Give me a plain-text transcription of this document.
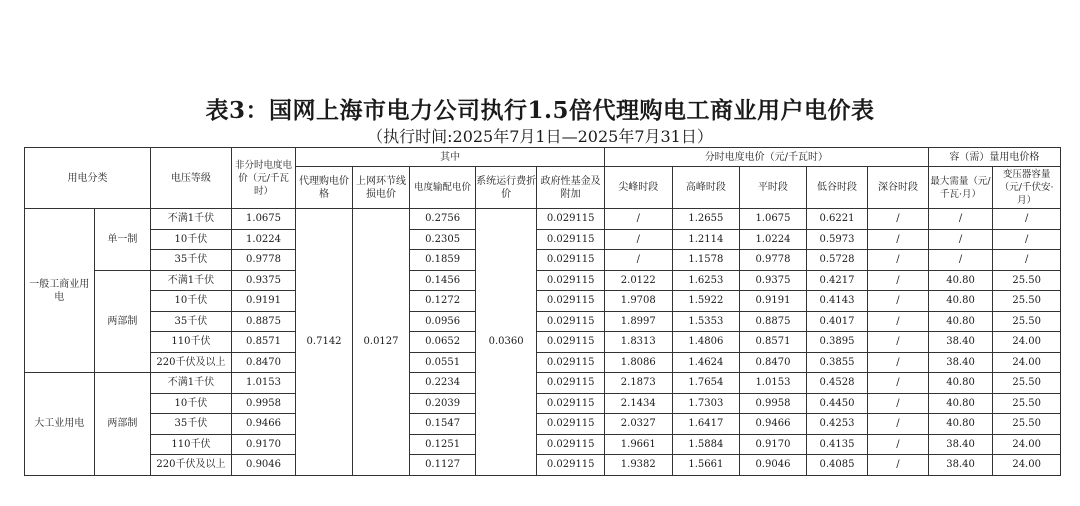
表3：国网上海市电力公司执行1.5倍代理购电工商业用户电价表
（执行时间:2025年7月1日—2025年7月31日）
用电分类		电压等级	非分时电度电价（元/千瓦时）	其中					分时电度电价（元/千瓦时）					容（需）量用电价格	
				代理购电价格	上网环节线损电价	电度输配电价	系统运行费折价	政府性基金及附加	尖峰时段	高峰时段	平时段	低谷时段	深谷时段	最大需量（元/千瓦·月）	变压器容量（元/千伏安·月）
一般工商业用电	单一制	不满1千伏	1.0675	0.7142	0.0127	0.2756	0.0360	0.029115	/	1.2655	1.0675	0.6221	/	/	/
		10千伏	1.0224			0.2305		0.029115	/	1.2114	1.0224	0.5973	/	/	/
		35千伏	0.9778			0.1859		0.029115	/	1.1578	0.9778	0.5728	/	/	/
	两部制	不满1千伏	0.9375			0.1456		0.029115	2.0122	1.6253	0.9375	0.4217	/	40.80	25.50
		10千伏	0.9191			0.1272		0.029115	1.9708	1.5922	0.9191	0.4143	/	40.80	25.50
		35千伏	0.8875			0.0956		0.029115	1.8997	1.5353	0.8875	0.4017	/	40.80	25.50
		110千伏	0.8571			0.0652		0.029115	1.8313	1.4806	0.8571	0.3895	/	38.40	24.00
		220千伏及以上	0.8470			0.0551		0.029115	1.8086	1.4624	0.8470	0.3855	/	38.40	24.00
大工业用电	两部制	不满1千伏	1.0153			0.2234		0.029115	2.1873	1.7654	1.0153	0.4528	/	40.80	25.50
		10千伏	0.9958			0.2039		0.029115	2.1434	1.7303	0.9958	0.4450	/	40.80	25.50
		35千伏	0.9466			0.1547		0.029115	2.0327	1.6417	0.9466	0.4253	/	40.80	25.50
		110千伏	0.9170			0.1251		0.029115	1.9661	1.5884	0.9170	0.4135	/	38.40	24.00
		220千伏及以上	0.9046			0.1127		0.029115	1.9382	1.5661	0.9046	0.4085	/	38.40	24.00
